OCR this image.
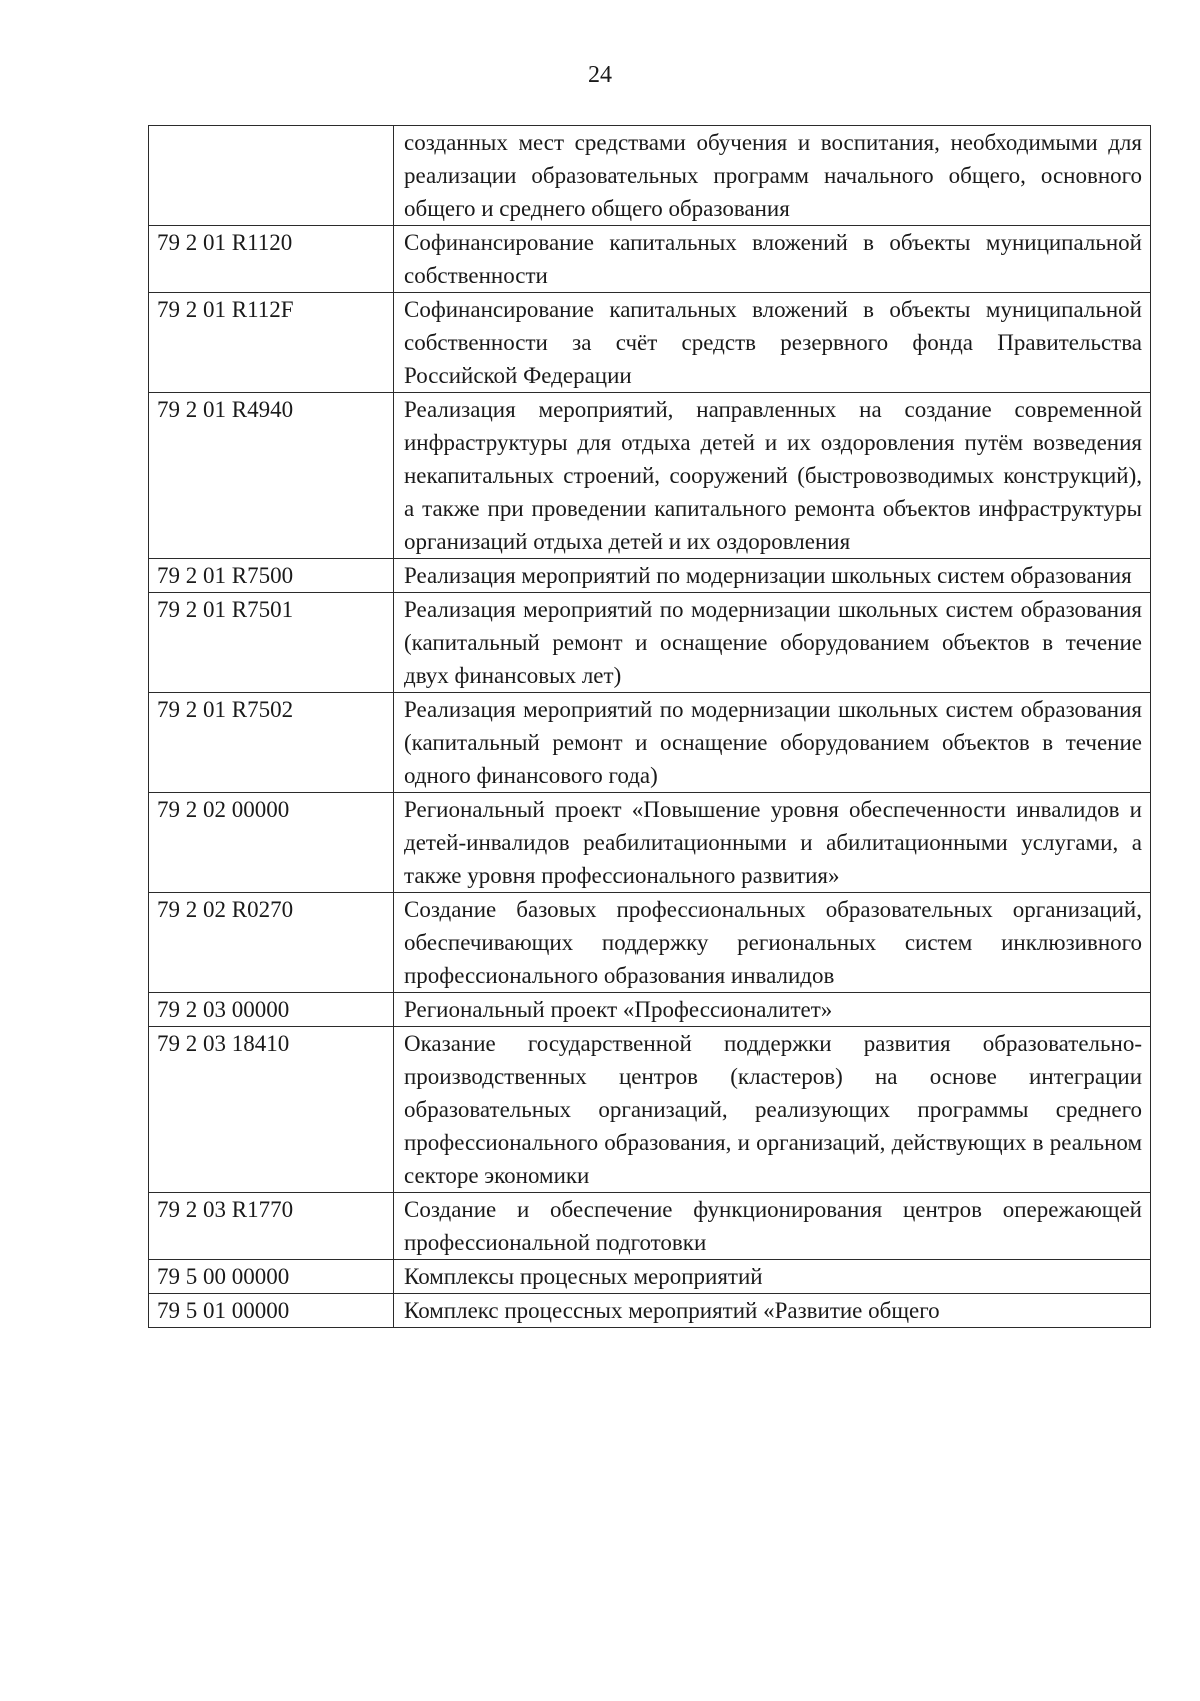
24
	созданных мест средствами обучения и воспитания, необходимыми для реализации образовательных программ начального общего, основного общего и среднего общего образования
79 2 01 R1120	Софинансирование капитальных вложений в объекты муниципальной собственности
79 2 01 R112F	Софинансирование капитальных вложений в объекты муниципальной собственности за счёт средств резервного фонда Правительства Российской Федерации
79 2 01 R4940	Реализация мероприятий, направленных на создание современной инфраструктуры для отдыха детей и их оздоровления путём возведения некапитальных строений, сооружений (быстровозводимых конструкций), а также при проведении капитального ремонта объектов инфраструктуры организаций отдыха детей и их оздоровления
79 2 01 R7500	Реализация мероприятий по модернизации школьных систем образования
79 2 01 R7501	Реализация мероприятий по модернизации школьных систем образования (капитальный ремонт и оснащение оборудованием объектов в течение двух финансовых лет)
79 2 01 R7502	Реализация мероприятий по модернизации школьных систем образования (капитальный ремонт и оснащение оборудованием объектов в течение одного финансового года)
79 2 02 00000	Региональный проект «Повышение уровня обеспеченности инвалидов и детей-инвалидов реабилитационными и абилитационными услугами, а также уровня профессионального развития»
79 2 02 R0270	Создание базовых профессиональных образовательных организаций, обеспечивающих поддержку региональных систем инклюзивного профессионального образования инвалидов
79 2 03 00000	Региональный проект «Профессионалитет»
79 2 03 18410	Оказание государственной поддержки развития образовательно-производственных центров (кластеров) на основе интеграции образовательных организаций, реализующих программы среднего профессионального образования, и организаций, действующих в реальном секторе экономики
79 2 03 R1770	Создание и обеспечение функционирования центров опережающей профессиональной подготовки
79 5 00 00000	Комплексы процесных мероприятий
79 5 01 00000	Комплекс процессных мероприятий «Развитие общего
